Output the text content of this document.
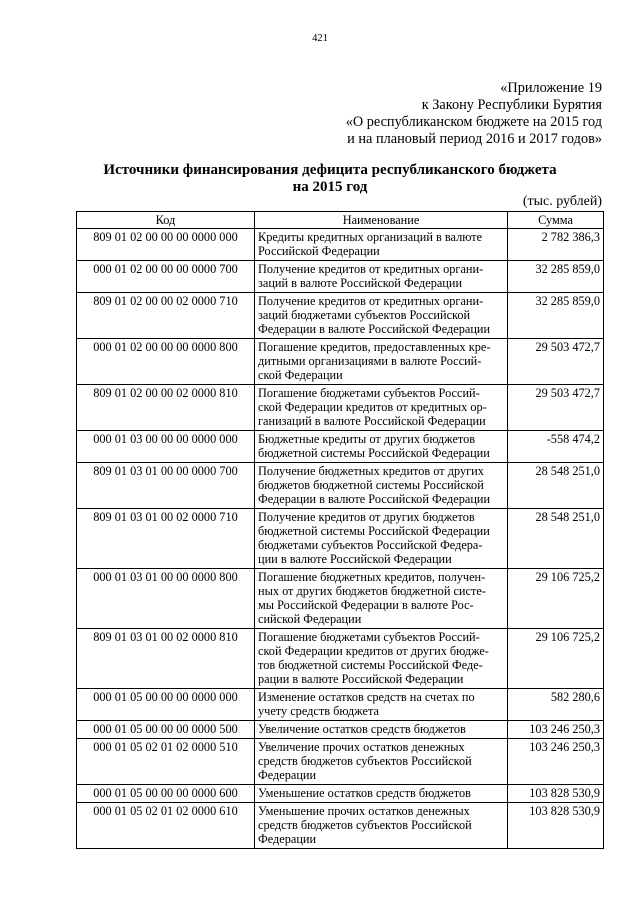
421
«Приложение 19
к Закону Республики Бурятия
«О республиканском бюджете на 2015 год
и на плановый период 2016 и 2017 годов»
Источники финансирования дефицита республиканского бюджета
на 2015 год
(тыс. рублей)
Код	Наименование	Сумма
809 01 02 00 00 00 0000 000	Кредиты кредитных организаций в валюте
Российской Федерации	2 782 386,3
000 01 02 00 00 00 0000 700	Получение кредитов от кредитных органи-
заций в валюте Российской Федерации	32 285 859,0
809 01 02 00 00 02 0000 710	Получение кредитов от кредитных органи-
заций бюджетами субъектов Российской
Федерации в валюте Российской Федерации	32 285 859,0
000 01 02 00 00 00 0000 800	Погашение кредитов, предоставленных кре-
дитными организациями в валюте Россий-
ской Федерации	29 503 472,7
809 01 02 00 00 02 0000 810	Погашение бюджетами субъектов Россий-
ской Федерации кредитов от кредитных ор-
ганизаций в валюте Российской Федерации	29 503 472,7
000 01 03 00 00 00 0000 000	Бюджетные кредиты от других бюджетов
бюджетной системы Российской Федерации	-558 474,2
809 01 03 01 00 00 0000 700	Получение бюджетных кредитов от других
бюджетов бюджетной системы Российской
Федерации в валюте Российской Федерации	28 548 251,0
809 01 03 01 00 02 0000 710	Получение кредитов от других бюджетов
бюджетной системы Российской Федерации
бюджетами субъектов Российской Федера-
ции в валюте Российской Федерации	28 548 251,0
000 01 03 01 00 00 0000 800	Погашение бюджетных кредитов, получен-
ных от других бюджетов бюджетной систе-
мы Российской Федерации в валюте Рос-
сийской Федерации	29 106 725,2
809 01 03 01 00 02 0000 810	Погашение бюджетами субъектов Россий-
ской Федерации кредитов от других бюдже-
тов бюджетной системы Российской Феде-
рации в валюте Российской Федерации	29 106 725,2
000 01 05 00 00 00 0000 000	Изменение остатков средств на счетах по
учету средств бюджета	582 280,6
000 01 05 00 00 00 0000 500	Увеличение остатков средств бюджетов	103 246 250,3
000 01 05 02 01 02 0000 510	Увеличение прочих остатков денежных
средств бюджетов субъектов Российской
Федерации	103 246 250,3
000 01 05 00 00 00 0000 600	Уменьшение остатков средств бюджетов	103 828 530,9
000 01 05 02 01 02 0000 610	Уменьшение прочих остатков денежных
средств бюджетов субъектов Российской
Федерации	103 828 530,9
